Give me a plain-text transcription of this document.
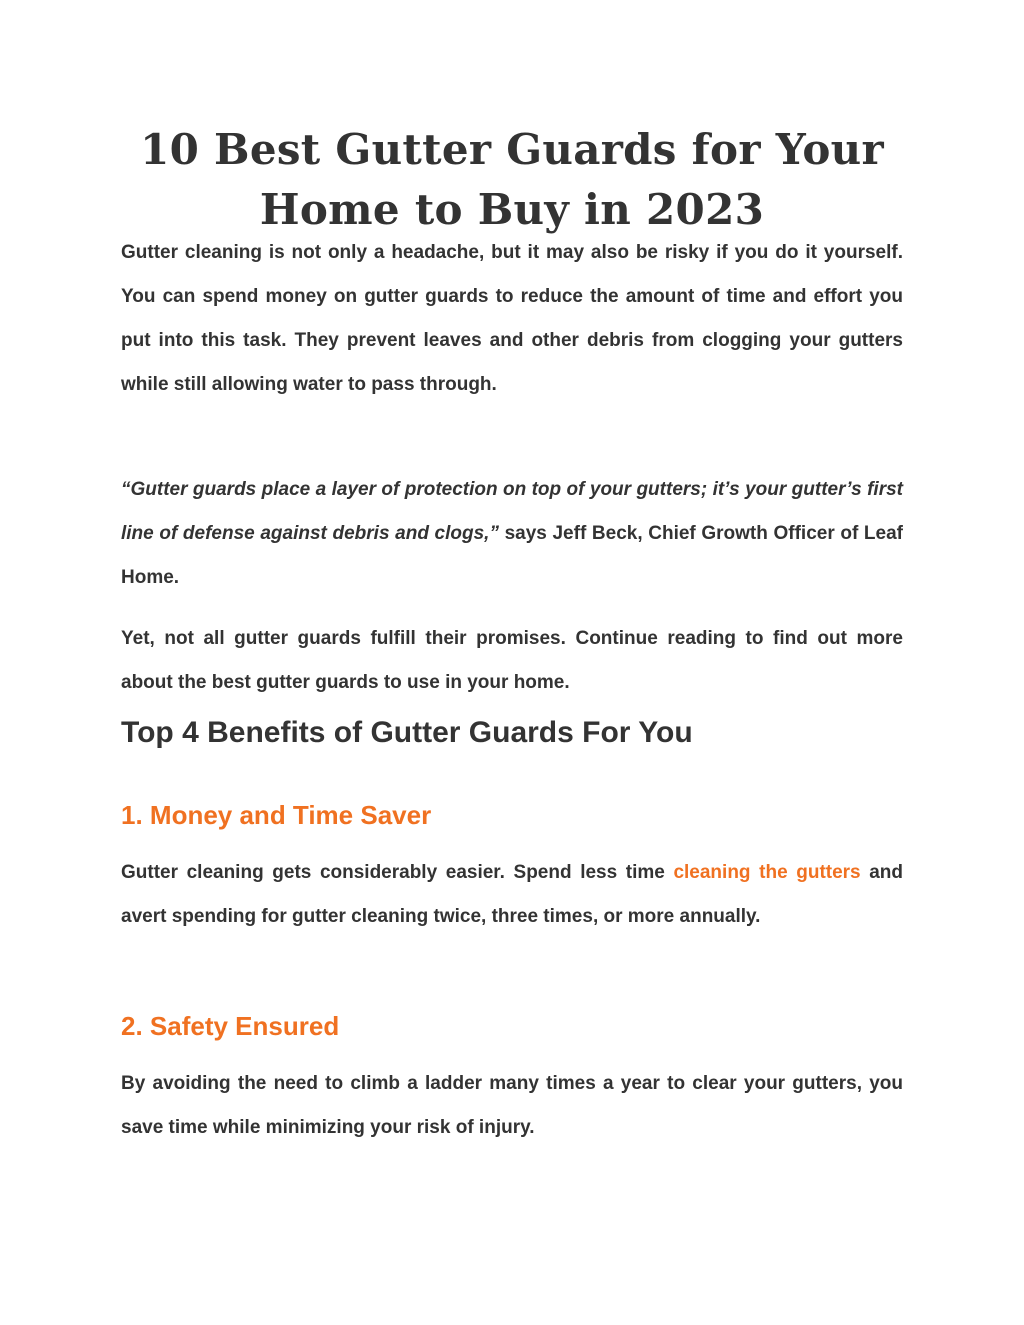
10 Best Gutter Guards for Your
Home to Buy in 2023

Gutter cleaning is not only a headache, but it may also be risky if you do it yourself. You can spend money on gutter guards to reduce the amount of time and effort you put into this task. They prevent leaves and other debris from clogging your gutters while still allowing water to pass through.

“Gutter guards place a layer of protection on top of your gutters; it’s your gutter’s first line of defense against debris and clogs,” says Jeff Beck, Chief Growth Officer of Leaf Home.

Yet, not all gutter guards fulfill their promises. Continue reading to find out more about the best gutter guards to use in your home.

Top 4 Benefits of Gutter Guards For You
1. Money and Time Saver

Gutter cleaning gets considerably easier. Spend less time cleaning the gutters and avert spending for gutter cleaning twice, three times, or more annually.

2. Safety Ensured

By avoiding the need to climb a ladder many times a year to clear your gutters, you save time while minimizing your risk of injury.
